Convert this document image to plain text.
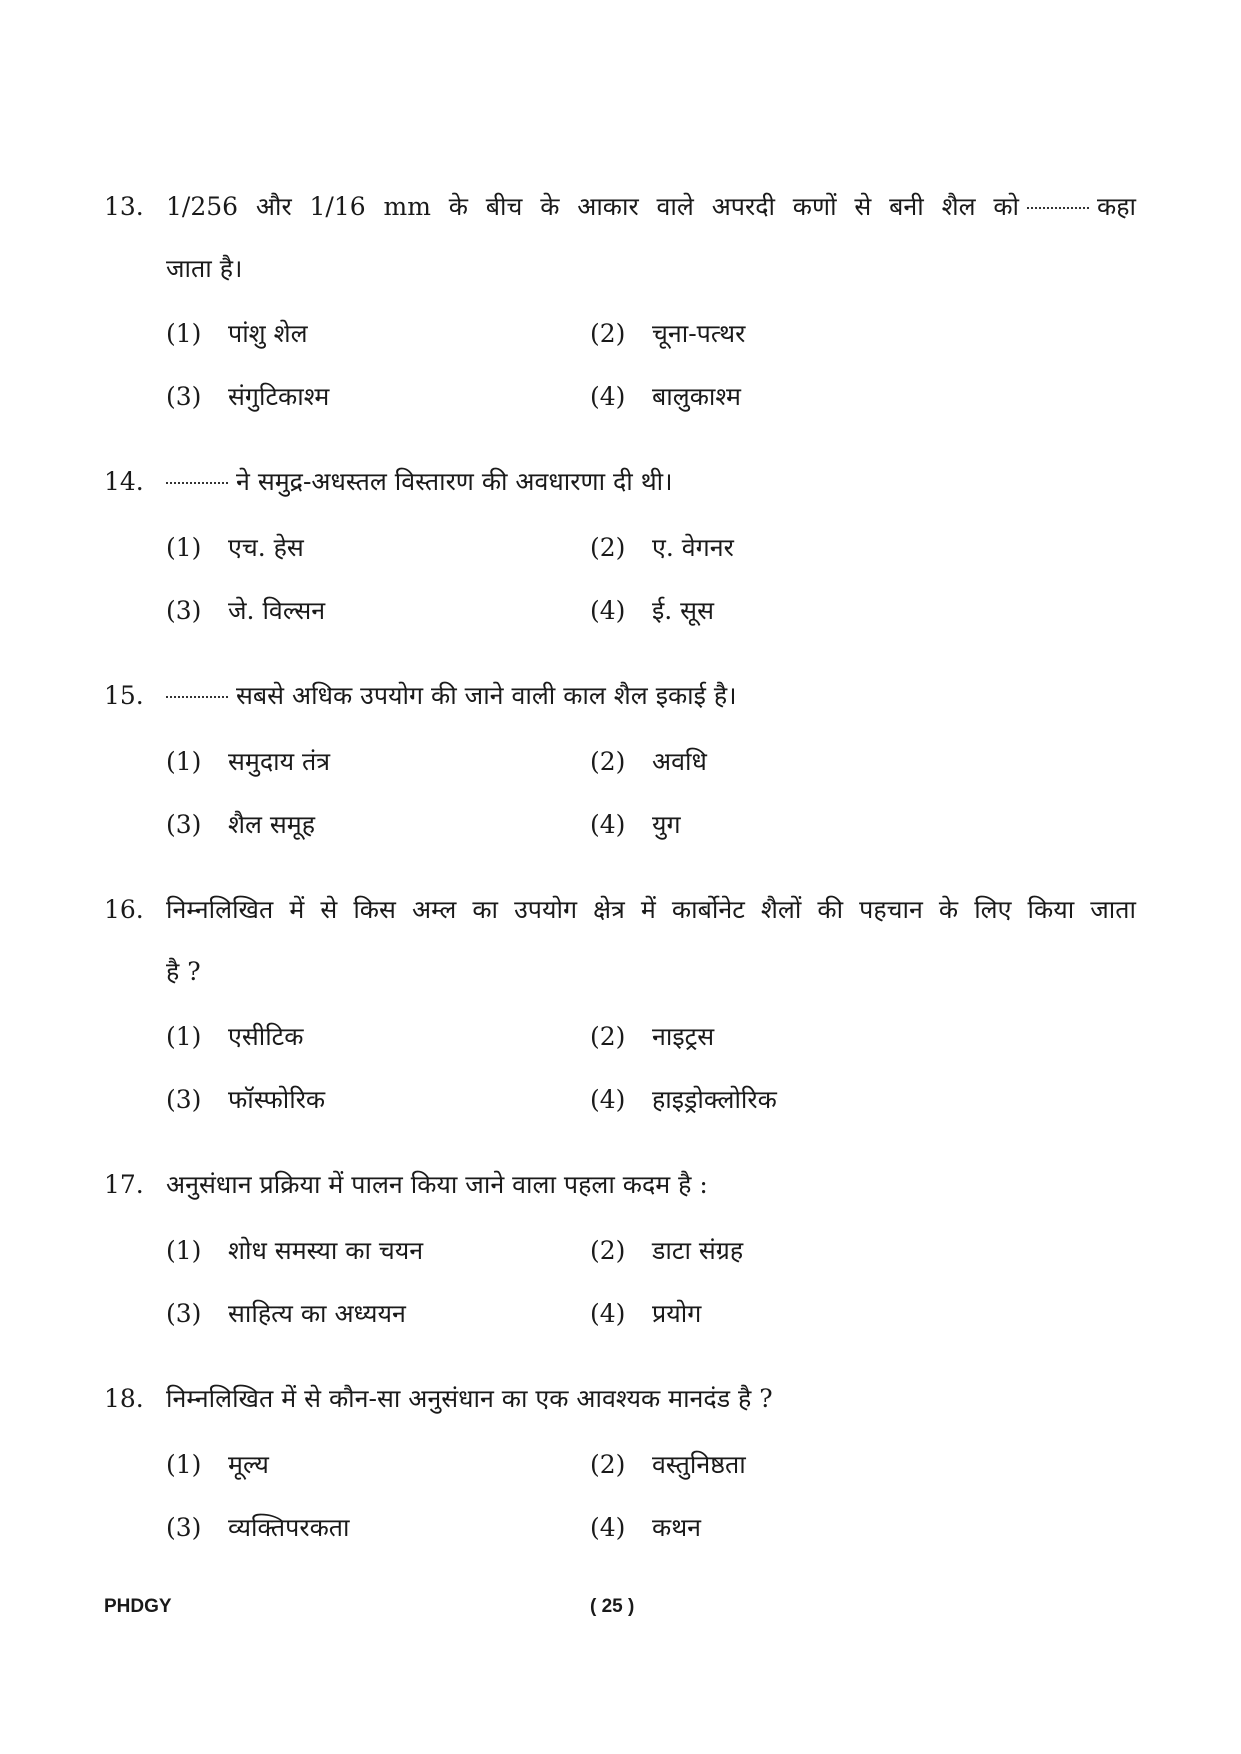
13. 1/256 और 1/16 mm के बीच के आकार वाले अपरदी कणों से बनी शैल को	कहा
जाता है।
(1) पांशु शेल	(2) चूना-पत्थर
(3) संगुटिकाश्म	(4) बालुकाश्म
14.	ने समुद्र-अधस्तल विस्तारण की अवधारणा दी थी।
(1) एच. हेस	(2) ए. वेगनर
(3) जे. विल्सन	(4) ई. सूस
15.	सबसे अधिक उपयोग की जाने वाली काल शैल इकाई है।
(1) समुदाय तंत्र	(2) अवधि
(3) शैल समूह	(4) युग
16. निम्नलिखित में से किस अम्ल का उपयोग क्षेत्र में कार्बोनेट शैलों की पहचान के लिए किया जाता
है ?
(1) एसीटिक	(2) नाइट्रस
(3) फॉस्फोरिक	(4) हाइड्रोक्लोरिक
17. अनुसंधान प्रक्रिया में पालन किया जाने वाला पहला कदम है :
(1) शोध समस्या का चयन	(2) डाटा संग्रह
(3) साहित्य का अध्ययन	(4) प्रयोग
18. निम्नलिखित में से कौन-सा अनुसंधान का एक आवश्यक मानदंड है ?
(1) मूल्य	(2) वस्तुनिष्ठता
(3) व्यक्तिपरकता	(4) कथन
PHDGY	( 25 )
